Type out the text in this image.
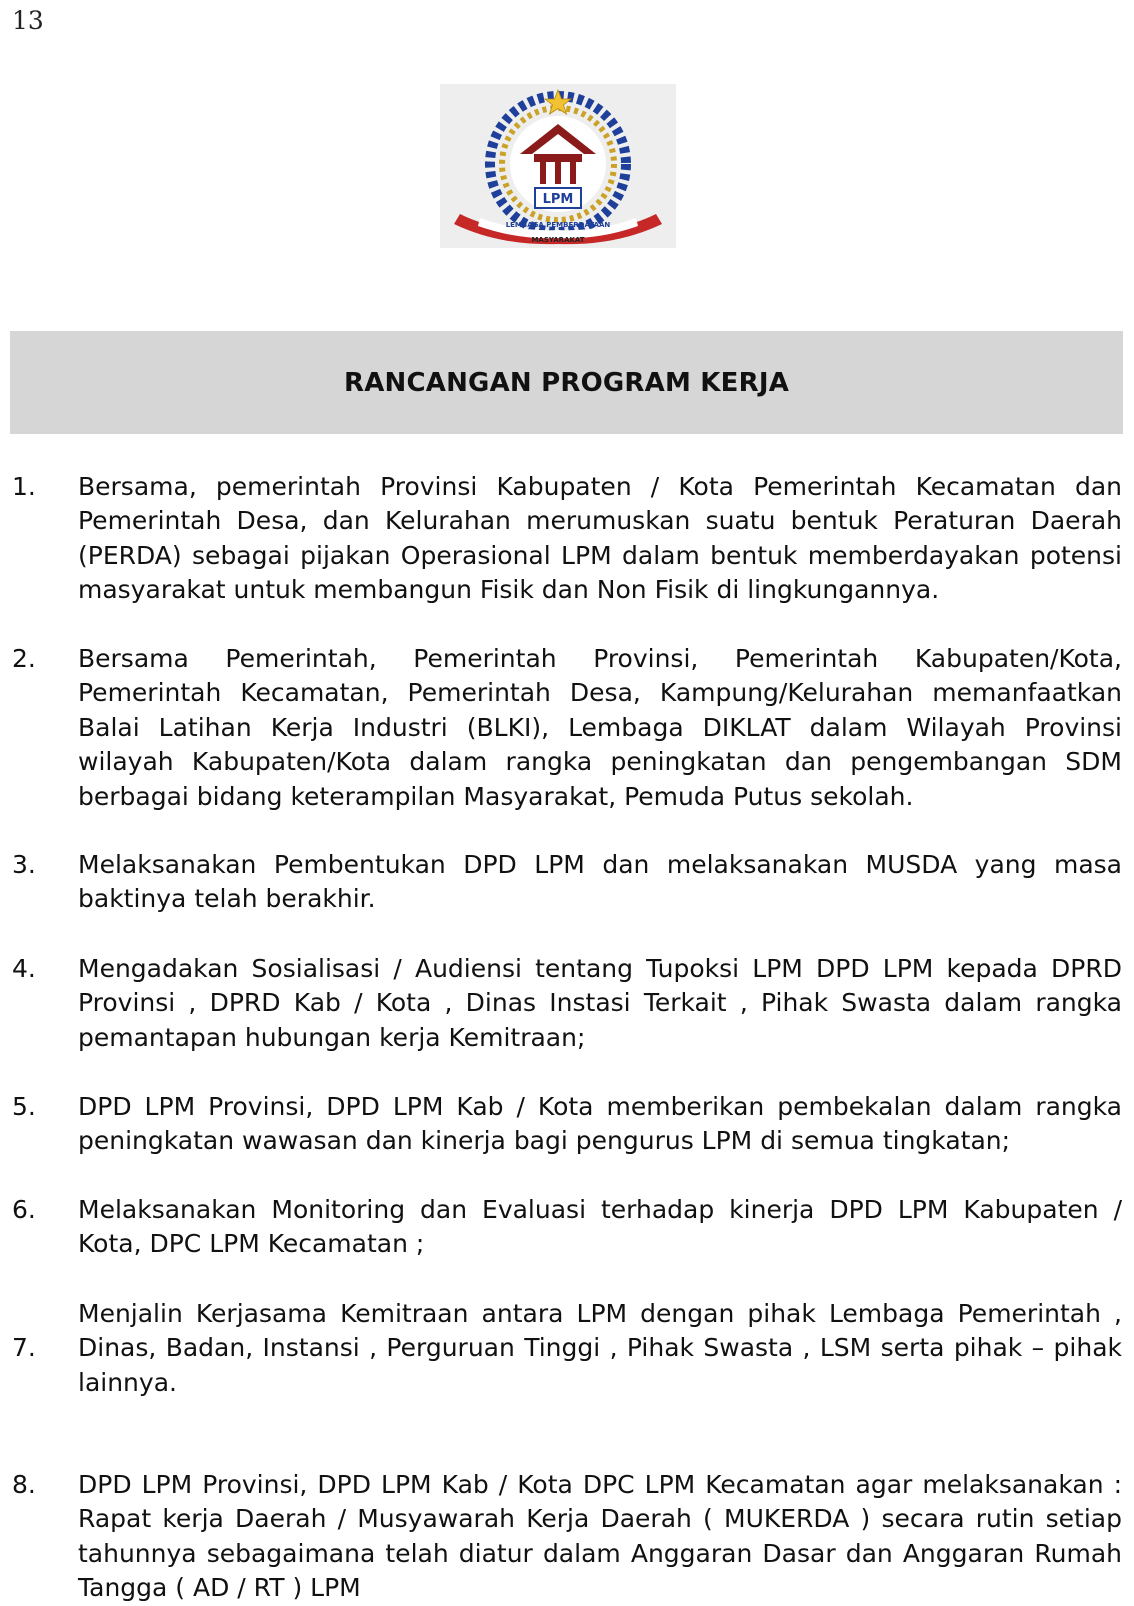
13
LPM
LEMBAGA PEMBERDAYAAN
MASYARAKAT
RANCANGAN PROGRAM KERJA
1. Bersama, pemerintah Provinsi Kabupaten / Kota Pemerintah Kecamatan dan Pemerintah Desa, dan Kelurahan merumuskan suatu bentuk Peraturan Daerah (PERDA) sebagai pijakan Operasional LPM dalam bentuk memberdayakan potensi masyarakat untuk membangun Fisik dan Non Fisik di lingkungannya.
2. Bersama Pemerintah, Pemerintah Provinsi, Pemerintah Kabupaten/Kota, Pemerintah Kecamatan, Pemerintah Desa, Kampung/Kelurahan memanfaatkan Balai Latihan Kerja Industri (BLKI), Lembaga DIKLAT dalam Wilayah Provinsi wilayah Kabupaten/Kota dalam rangka peningkatan dan pengembangan SDM berbagai bidang keterampilan Masyarakat, Pemuda Putus sekolah.
3. Melaksanakan Pembentukan DPD LPM dan melaksanakan MUSDA yang masa baktinya telah berakhir.
4. Mengadakan Sosialisasi / Audiensi tentang Tupoksi LPM DPD LPM kepada DPRD Provinsi , DPRD Kab / Kota , Dinas Instasi Terkait , Pihak Swasta dalam rangka pemantapan hubungan kerja Kemitraan;
5. DPD LPM Provinsi, DPD LPM Kab / Kota memberikan pembekalan dalam rangka peningkatan wawasan dan kinerja bagi pengurus LPM di semua tingkatan;
6. Melaksanakan Monitoring dan Evaluasi terhadap kinerja DPD LPM Kabupaten / Kota, DPC LPM Kecamatan ;
7.
Menjalin Kerjasama Kemitraan antara LPM dengan pihak Lembaga Pemerintah , Dinas, Badan, Instansi , Perguruan Tinggi , Pihak Swasta , LSM serta pihak – pihak lainnya.
8. DPD LPM Provinsi, DPD LPM Kab / Kota DPC LPM Kecamatan agar melaksanakan : Rapat kerja Daerah / Musyawarah Kerja Daerah ( MUKERDA ) secara rutin setiap tahunnya sebagaimana telah diatur dalam Anggaran Dasar dan Anggaran Rumah Tangga ( AD / RT ) LPM
